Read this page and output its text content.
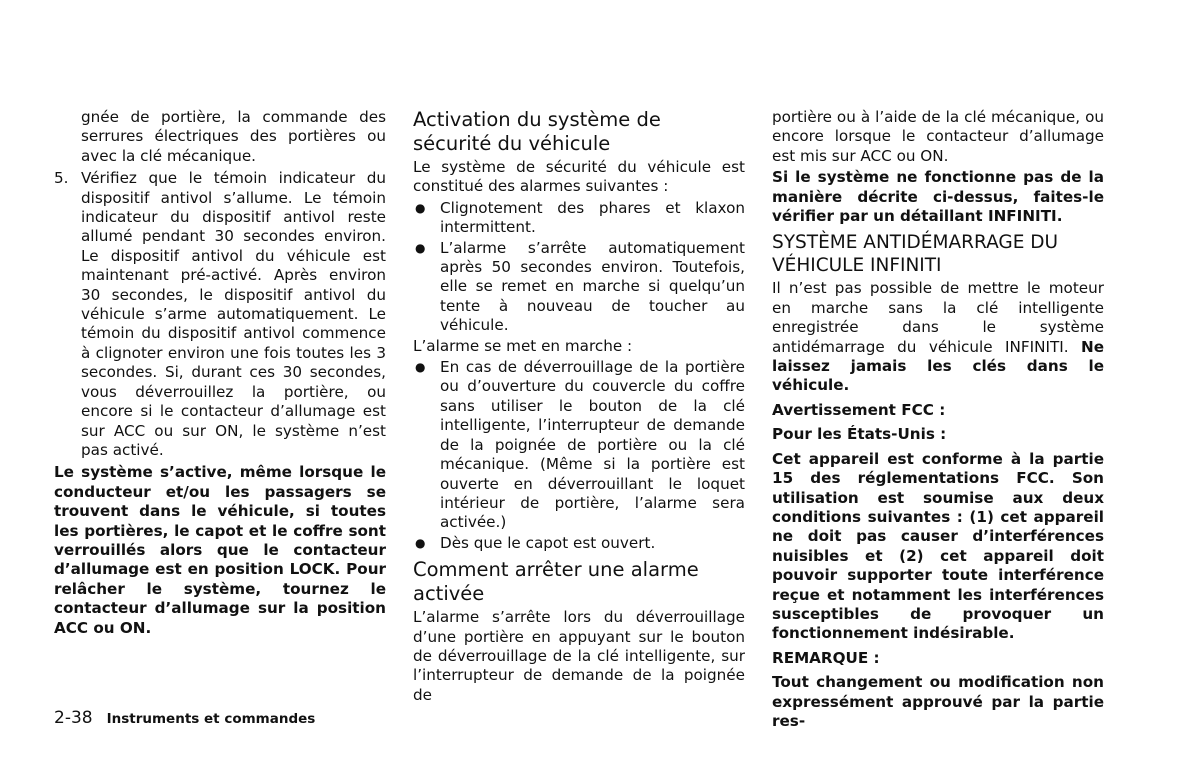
gnée de portière, la commande des serrures électriques des portières ou avec la clé mécanique.

5. Vérifiez que le témoin indicateur du dispositif antivol s’allume. Le témoin indicateur du dispositif antivol reste allumé pendant 30 secondes environ. Le dispositif antivol du véhicule est maintenant pré-activé. Après environ 30 secondes, le dispositif antivol du véhicule s’arme automatiquement. Le témoin du dispositif antivol commence à clignoter environ une fois toutes les 3 secondes. Si, durant ces 30 secondes, vous déverrouillez la portière, ou encore si le contacteur d’allumage est sur ACC ou sur ON, le système n’est pas activé.

Le système s’active, même lorsque le conducteur et/ou les passagers se trouvent dans le véhicule, si toutes les portières, le capot et le coffre sont verrouillés alors que le contacteur d’allumage est en position LOCK. Pour relâcher le système, tournez le contacteur d’allumage sur la position ACC ou ON.

Activation du système de sécurité du véhicule

Le système de sécurité du véhicule est constitué des alarmes suivantes :

● Clignotement des phares et klaxon intermittent.
● L’alarme s’arrête automatiquement après 50 secondes environ. Toutefois, elle se remet en marche si quelqu’un tente à nouveau de toucher au véhicule.

L’alarme se met en marche :

● En cas de déverrouillage de la portière ou d’ouverture du couvercle du coffre sans utiliser le bouton de la clé intelligente, l’interrupteur de demande de la poignée de portière ou la clé mécanique. (Même si la portière est ouverte en déverrouillant le loquet intérieur de portière, l’alarme sera activée.)
● Dès que le capot est ouvert.
Comment arrêter une alarme activée

L’alarme s’arrête lors du déverrouillage d’une portière en appuyant sur le bouton de déverrouillage de la clé intelligente, sur l’interrupteur de demande de la poignée de

portière ou à l’aide de la clé mécanique, ou encore lorsque le contacteur d’allumage est mis sur ACC ou ON.

Si le système ne fonctionne pas de la manière décrite ci-dessus, faites-le vérifier par un détaillant INFINITI.

SYSTÈME ANTIDÉMARRAGE DU VÉHICULE INFINITI

Il n’est pas possible de mettre le moteur en marche sans la clé intelligente enregistrée dans le système antidémarrage du véhicule INFINITI. Ne laissez jamais les clés dans le véhicule.

Avertissement FCC :

Pour les États-Unis :

Cet appareil est conforme à la partie 15 des réglementations FCC. Son utilisation est soumise aux deux conditions suivantes : (1) cet appareil ne doit pas causer d’interférences nuisibles et (2) cet appareil doit pouvoir supporter toute interférence reçue et notamment les interférences susceptibles de provoquer un fonctionnement indésirable.

REMARQUE :

Tout changement ou modification non expressément approuvé par la partie res-

2-38 Instruments et commandes
